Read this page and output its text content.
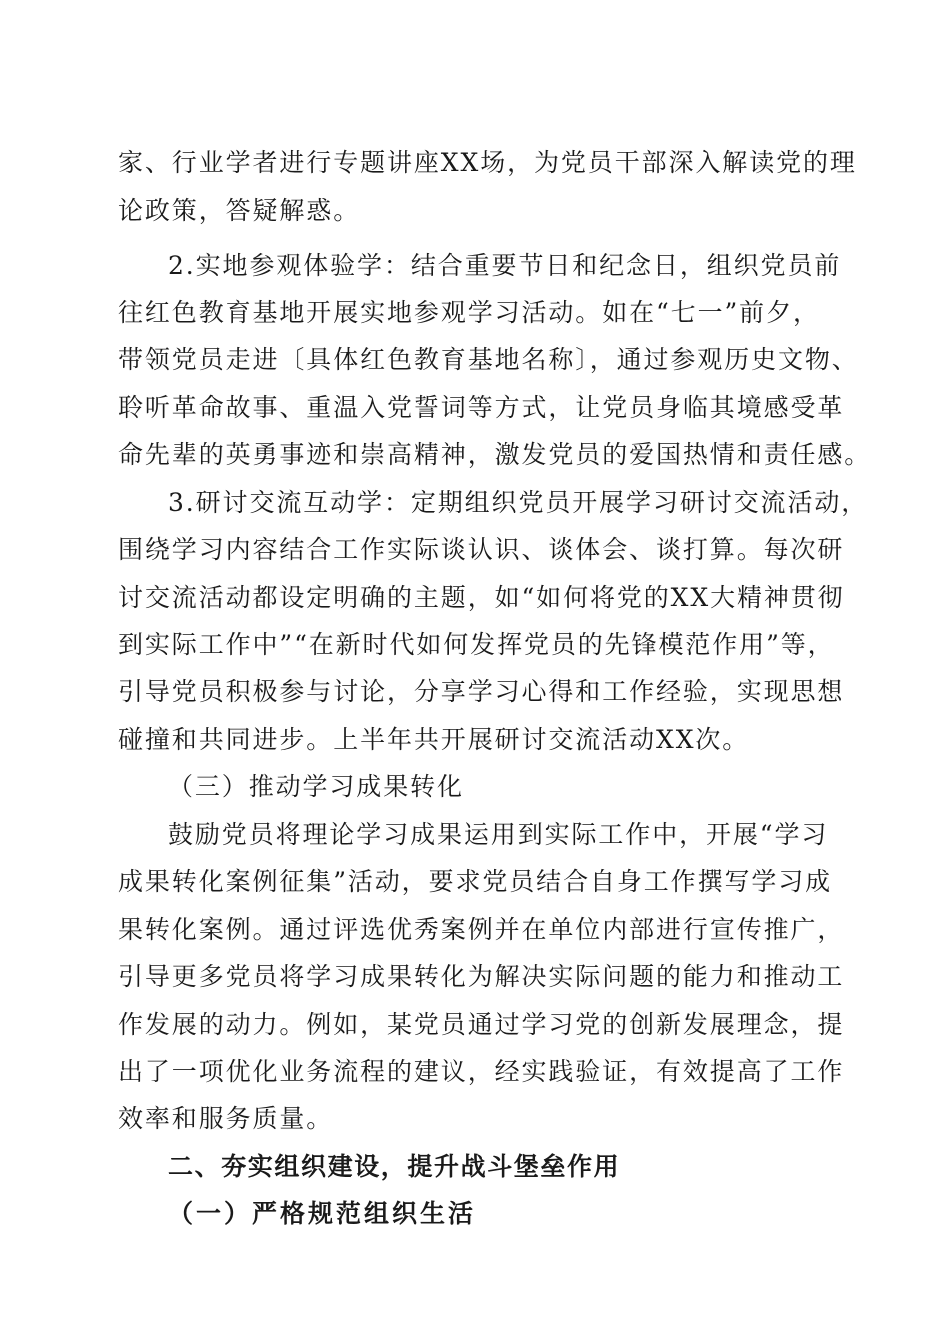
家、行业学者进行专题讲座XX场，为党员干部深入解读党的理
论政策，答疑解惑。
2.实地参观体验学：结合重要节日和纪念日，组织党员前
往红色教育基地开展实地参观学习活动。如在“七一”前夕，
带领党员走进〔具体红色教育基地名称〕，通过参观历史文物、
聆听革命故事、重温入党誓词等方式，让党员身临其境感受革
命先辈的英勇事迹和崇高精神，激发党员的爱国热情和责任感。
3.研讨交流互动学：定期组织党员开展学习研讨交流活动，
围绕学习内容结合工作实际谈认识、谈体会、谈打算。每次研
讨交流活动都设定明确的主题，如“如何将党的XX大精神贯彻
到实际工作中”“在新时代如何发挥党员的先锋模范作用”等，
引导党员积极参与讨论，分享学习心得和工作经验，实现思想
碰撞和共同进步。上半年共开展研讨交流活动XX次。
（三）推动学习成果转化
鼓励党员将理论学习成果运用到实际工作中，开展“学习
成果转化案例征集”活动，要求党员结合自身工作撰写学习成
果转化案例。通过评选优秀案例并在单位内部进行宣传推广，
引导更多党员将学习成果转化为解决实际问题的能力和推动工
作发展的动力。例如，某党员通过学习党的创新发展理念，提
出了一项优化业务流程的建议，经实践验证，有效提高了工作
效率和服务质量。
二、夯实组织建设，提升战斗堡垒作用
（一）严格规范组织生活
